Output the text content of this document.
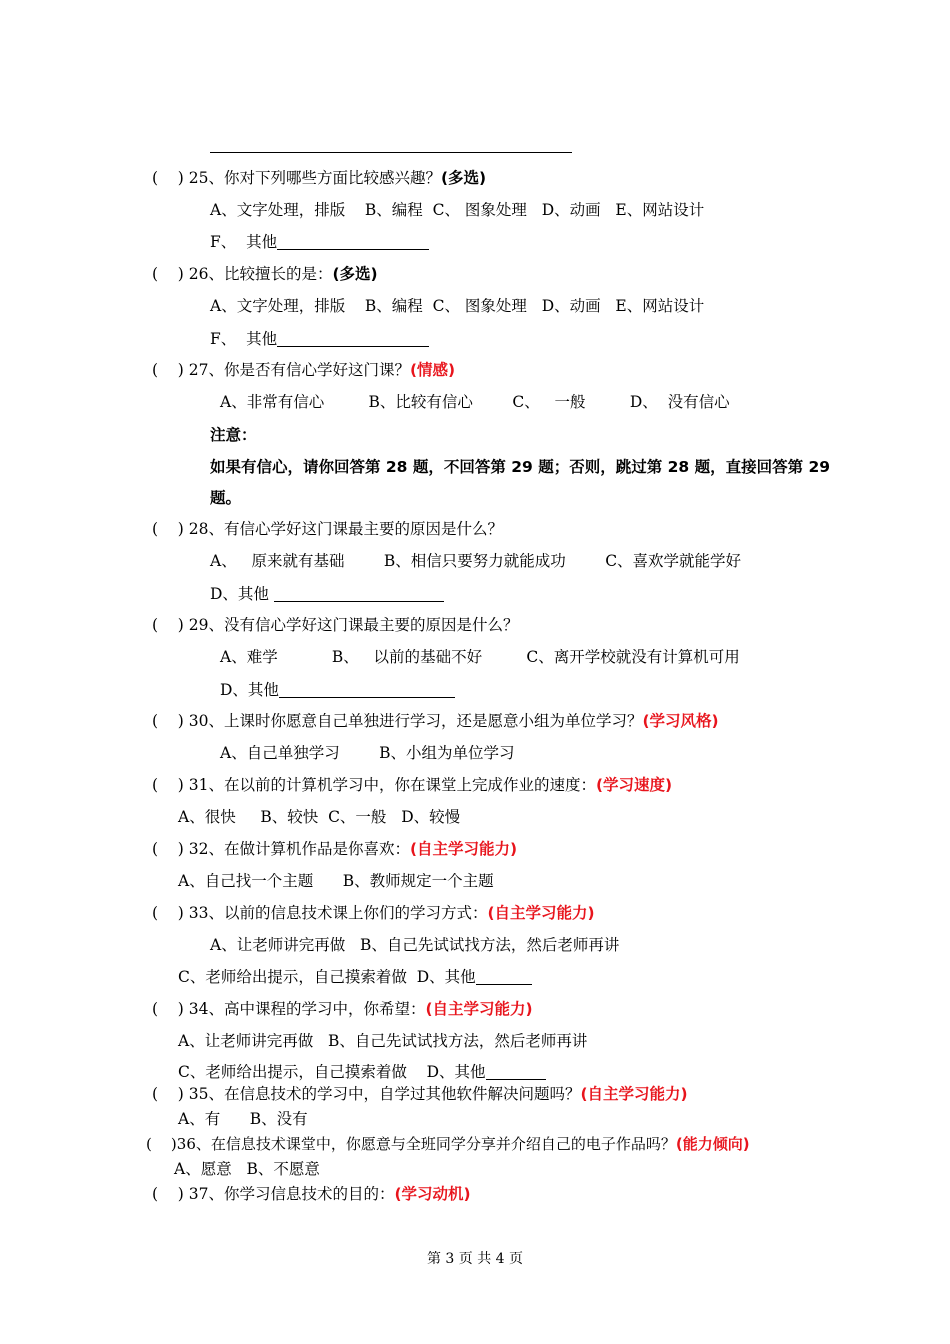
(    ) 25、你对下列哪些方面比较感兴趣？(多选)
A、文字处理，排版    B、编程  C、 图象处理   D、动画   E、网站设计
F、  其他
(    ) 26、比较擅长的是：(多选)
A、文字处理，排版    B、编程  C、 图象处理   D、动画   E、网站设计
F、  其他
(    ) 27、你是否有信心学好这门课？(情感)
A、非常有信心         B、比较有信心        C、   一般         D、  没有信心
注意：
如果有信心，请你回答第 28 题，不回答第 29 题；否则，跳过第 28 题，直接回答第 29
题。
(    ) 28、有信心学好这门课最主要的原因是什么？
A、   原来就有基础        B、相信只要努力就能成功        C、喜欢学就能学好
D、其他
(    ) 29、没有信心学好这门课最主要的原因是什么？
A、难学           B、   以前的基础不好         C、离开学校就没有计算机可用
D、其他
(    ) 30、上课时你愿意自己单独进行学习，还是愿意小组为单位学习？(学习风格)
A、自己单独学习        B、小组为单位学习
(    ) 31、在以前的计算机学习中，你在课堂上完成作业的速度：(学习速度)
A、很快     B、较快  C、一般   D、较慢
(    ) 32、在做计算机作品是你喜欢：(自主学习能力)
A、自己找一个主题      B、教师规定一个主题
(    ) 33、以前的信息技术课上你们的学习方式：(自主学习能力)
A、让老师讲完再做   B、自己先试试找方法，然后老师再讲
C、老师给出提示，自己摸索着做  D、其他
(    ) 34、高中课程的学习中，你希望：(自主学习能力)
A、让老师讲完再做   B、自己先试试找方法，然后老师再讲
C、老师给出提示，自己摸索着做    D、其他
(    ) 35、在信息技术的学习中，自学过其他软件解决问题吗？(自主学习能力)
A、有      B、没有
(    )36、在信息技术课堂中，你愿意与全班同学分享并介绍自己的电子作品吗？(能力倾向)
A、愿意   B、不愿意
(    ) 37、你学习信息技术的目的：(学习动机)
第 3 页 共 4 页
